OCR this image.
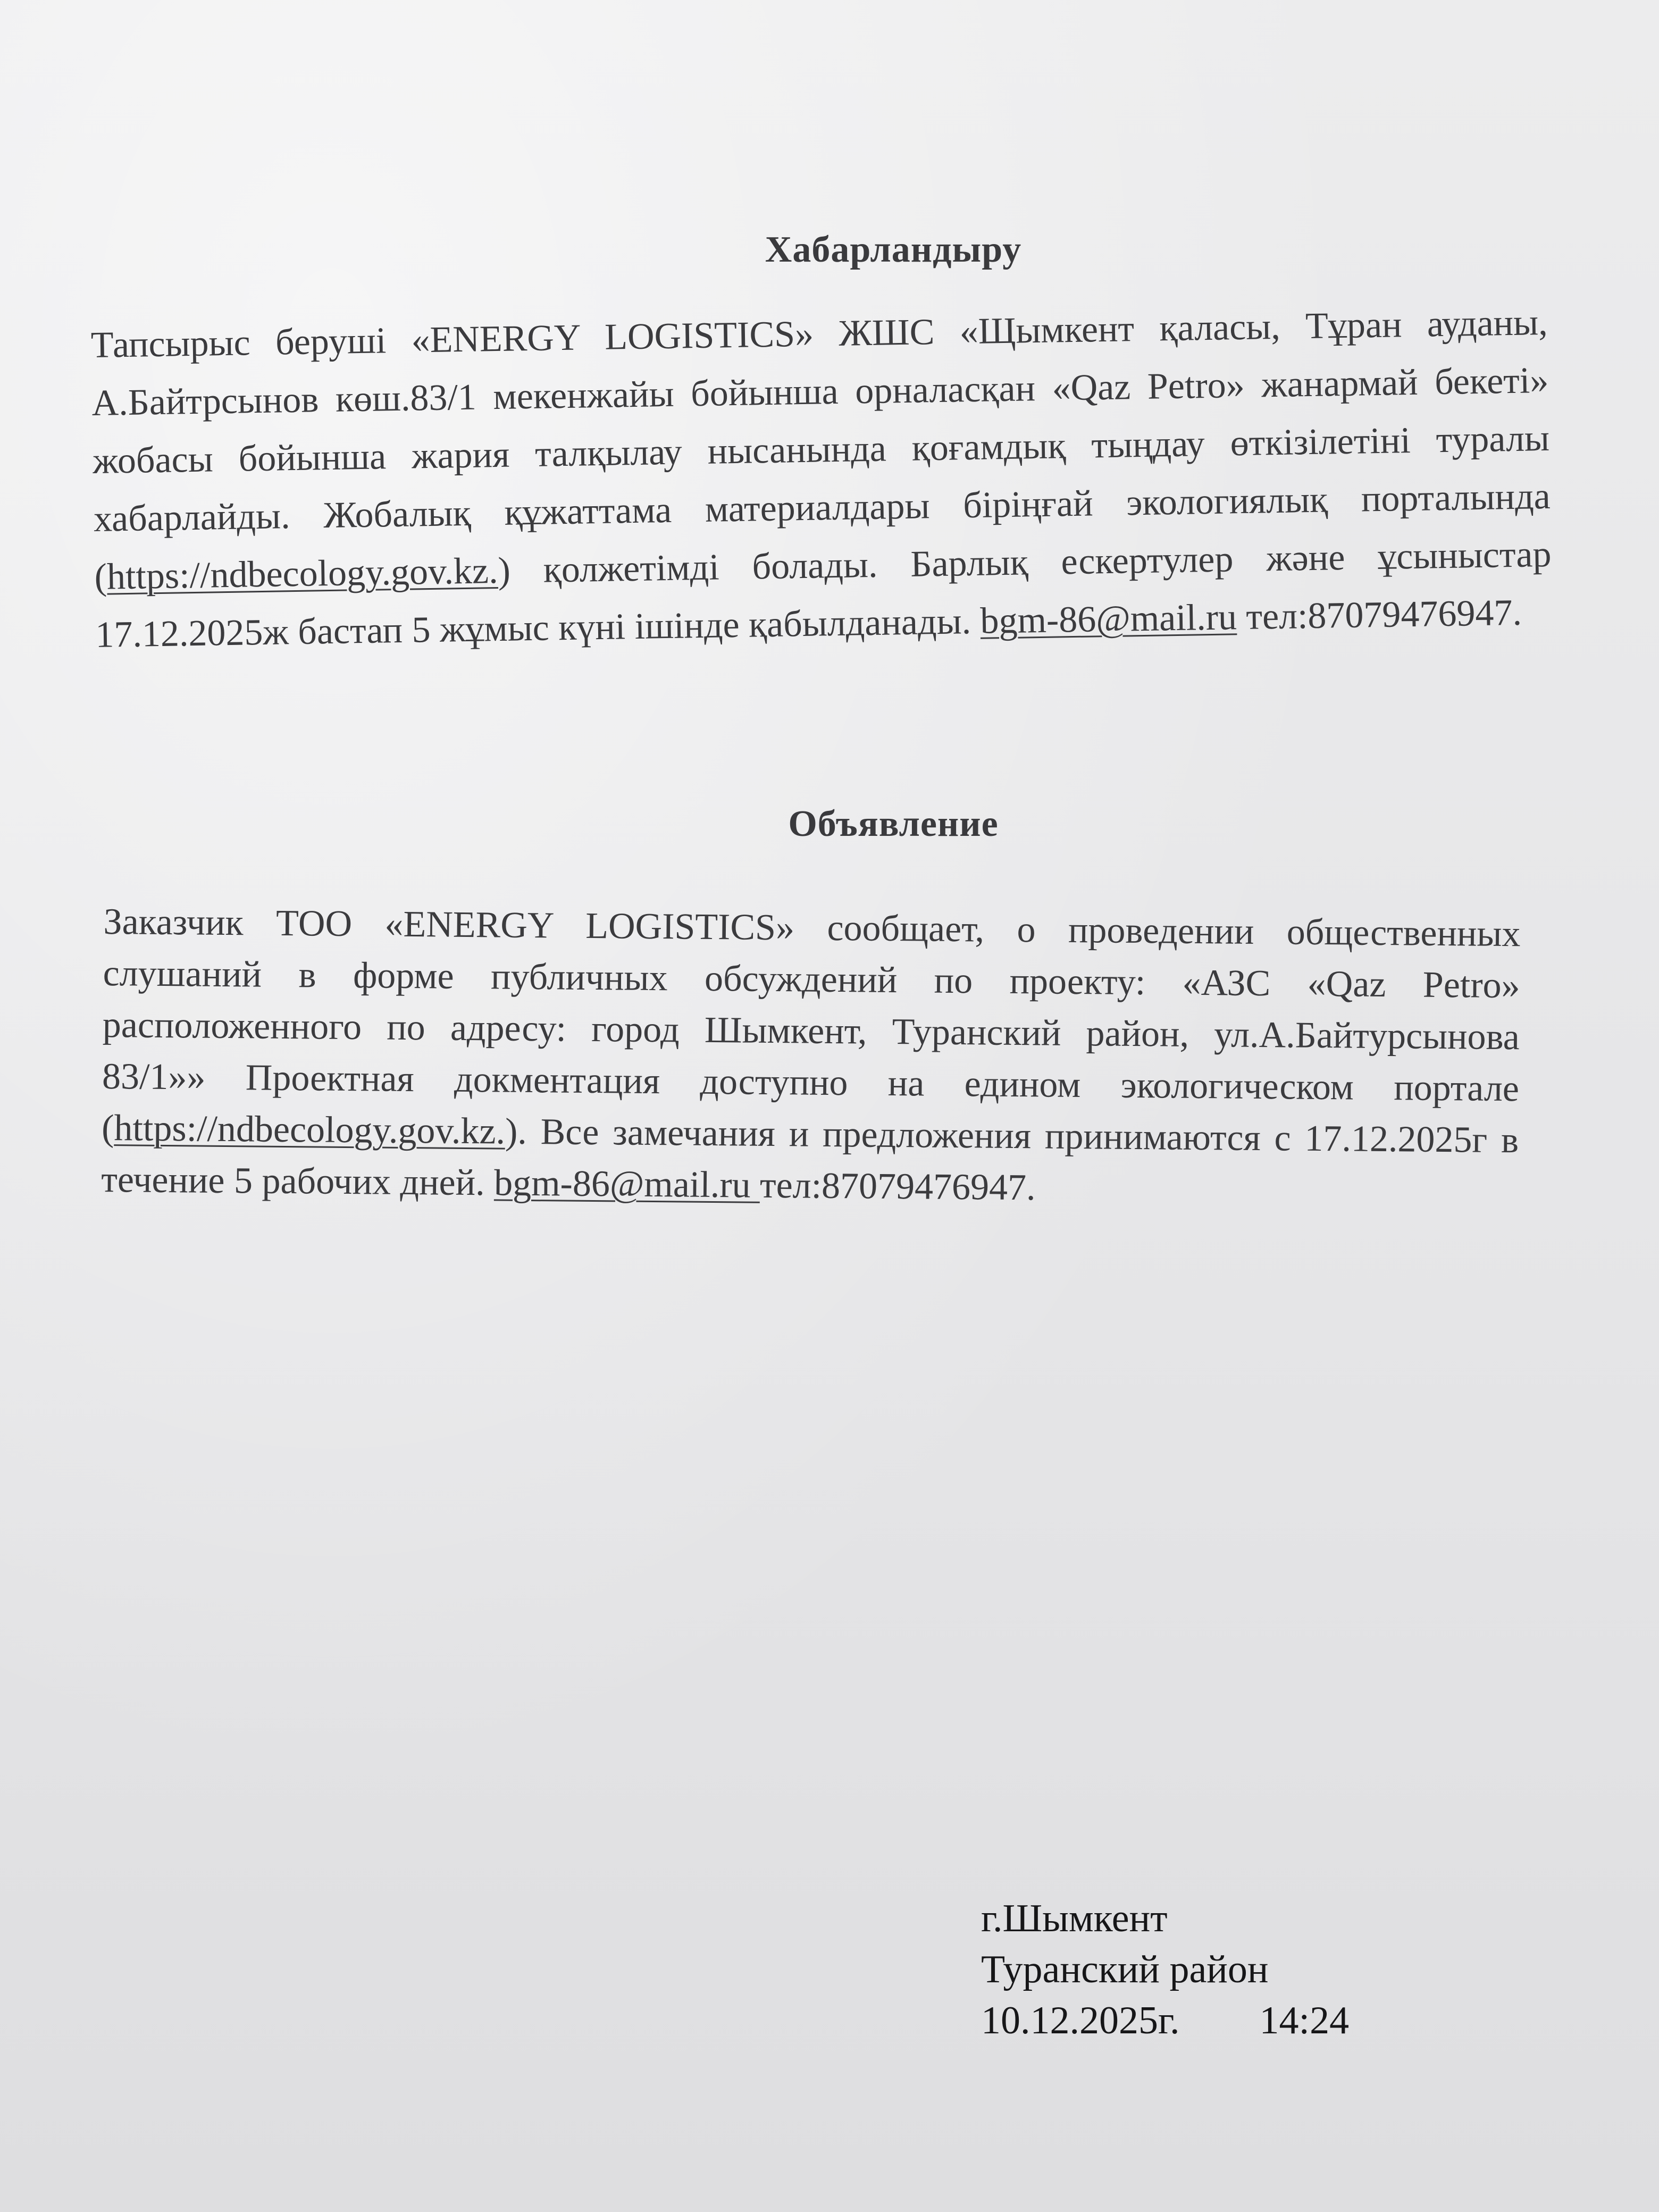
Хабарландыру
Тапсырыс беруші «ENERGY LOGISTICS» ЖШС «Щымкент қаласы, Тұран ауданы, А.Байтрсынов көш.83/1 мекенжайы бойынша орналасқан «Qaz Petro» жанармай бекеті» жобасы бойынша жария талқылау нысанында қоғамдық тыңдау өткізілетіні туралы хабарлайды. Жобалық құжаттама материалдары біріңғай экологиялық порталында (https://ndbecology.gov.kz.) қолжетімді болады. Барлық ескертулер және ұсыныстар 17.12.2025ж бастап 5 жұмыс күні ішінде қабылданады. bgm-86@mail.ru тел:87079476947.
Объявление
Заказчик ТОО «ENERGY LOGISTICS» сообщает, о проведении общественных слушаний в форме публичных обсуждений по проекту: «АЗС «Qaz Petro» расположенного по адресу: город Шымкент, Туранский район, ул.А.Байтурсынова 83/1»» Проектная докментация доступно на едином экологическом портале (https://ndbecology.gov.kz.). Все замечания и предложения принимаются с 17.12.2025г в течение 5 рабочих дней. bgm-86@mail.ru тел:87079476947.
г.Шымкент
Туранский район
10.12.2025г. 14:24
